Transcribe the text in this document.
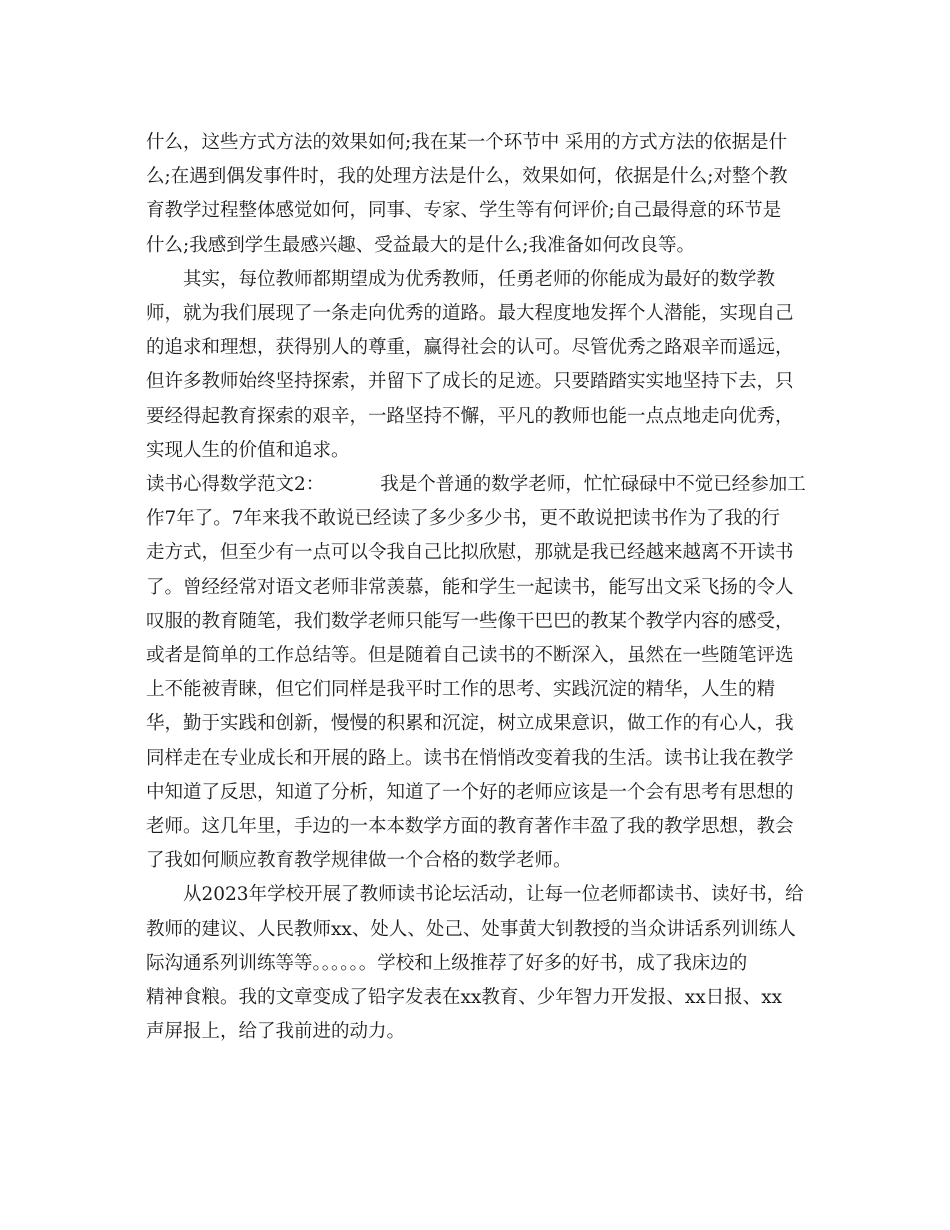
什么，这些方式方法的效果如何;我在某一个环节中 采用的方式方法的依据是什
么;在遇到偶发事件时，我的处理方法是什么，效果如何，依据是什么;对整个教
育教学过程整体感觉如何，同事、专家、学生等有何评价;自己最得意的环节是
什么;我感到学生最感兴趣、受益最大的是什么;我准备如何改良等。
其实，每位教师都期望成为优秀教师，任勇老师的你能成为最好的数学教
师，就为我们展现了一条走向优秀的道路。最大程度地发挥个人潜能，实现自己
的追求和理想，获得别人的尊重，赢得社会的认可。尽管优秀之路艰辛而遥远，
但许多教师始终坚持探索，并留下了成长的足迹。只要踏踏实实地坚持下去，只
要经得起教育探索的艰辛，一路坚持不懈，平凡的教师也能一点点地走向优秀，
实现人生的价值和追求。
读书心得数学范文2：	我是个普通的数学老师，忙忙碌碌中不觉已经参加工
作7年了。7年来我不敢说已经读了多少多少书，更不敢说把读书作为了我的行
走方式，但至少有一点可以令我自己比拟欣慰，那就是我已经越来越离不开读书
了。曾经经常对语文老师非常羡慕，能和学生一起读书，能写出文采飞扬的令人
叹服的教育随笔，我们数学老师只能写一些像干巴巴的教某个教学内容的感受，
或者是简单的工作总结等。但是随着自己读书的不断深入，虽然在一些随笔评选
上不能被青睐，但它们同样是我平时工作的思考、实践沉淀的精华，人生的精
华，勤于实践和创新，慢慢的积累和沉淀，树立成果意识，做工作的有心人，我
同样走在专业成长和开展的路上。读书在悄悄改变着我的生活。读书让我在教学
中知道了反思，知道了分析，知道了一个好的老师应该是一个会有思考有思想的
老师。这几年里，手边的一本本数学方面的教育著作丰盈了我的教学思想，教会
了我如何顺应教育教学规律做一个合格的数学老师。
从2023年学校开展了教师读书论坛活动，让每一位老师都读书、读好书，给
教师的建议、人民教师xx、处人、处己、处事黄大钊教授的当众讲话系列训练人
际沟通系列训练等等。。。。。。学校和上级推荐了好多的好书，成了我床边的
精神食粮。我的文章变成了铅字发表在xx教育、少年智力开发报、xx日报、xx
声屏报上，给了我前进的动力。
